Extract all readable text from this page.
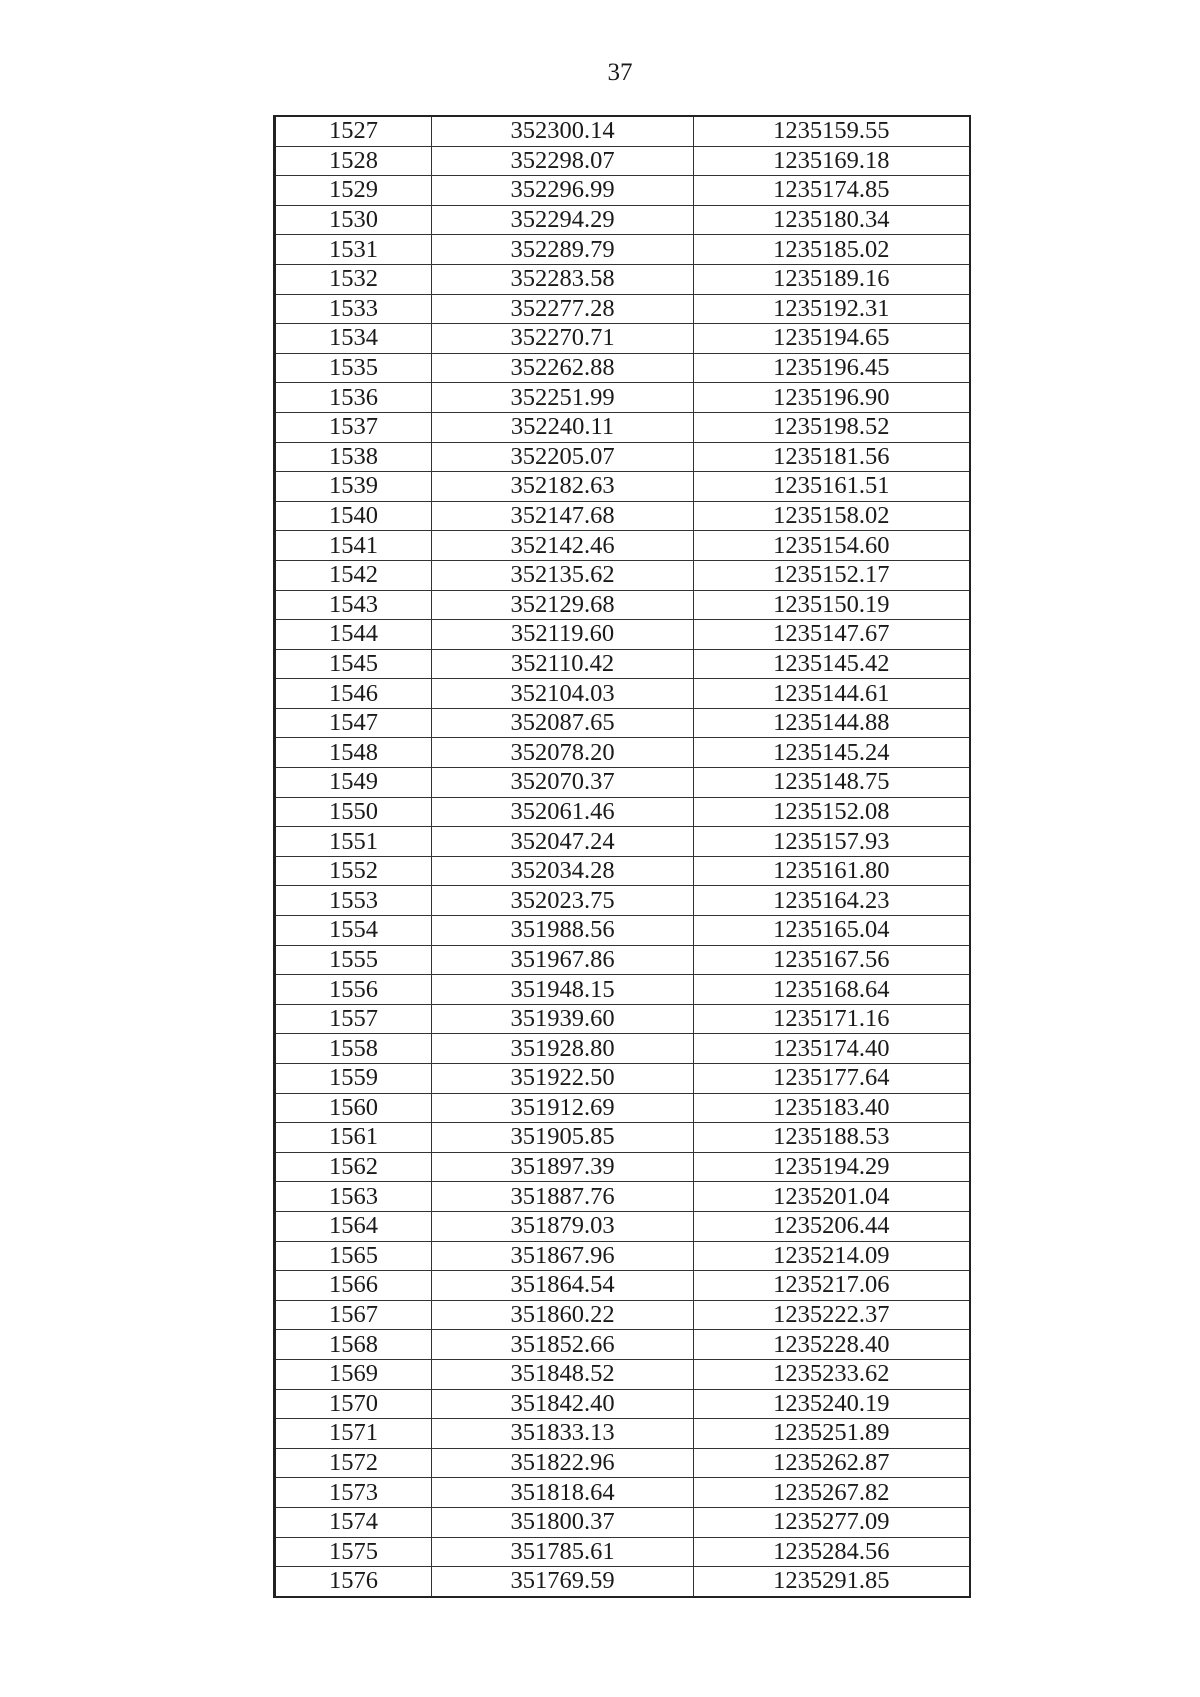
37
1527	352300.14	1235159.55
1528	352298.07	1235169.18
1529	352296.99	1235174.85
1530	352294.29	1235180.34
1531	352289.79	1235185.02
1532	352283.58	1235189.16
1533	352277.28	1235192.31
1534	352270.71	1235194.65
1535	352262.88	1235196.45
1536	352251.99	1235196.90
1537	352240.11	1235198.52
1538	352205.07	1235181.56
1539	352182.63	1235161.51
1540	352147.68	1235158.02
1541	352142.46	1235154.60
1542	352135.62	1235152.17
1543	352129.68	1235150.19
1544	352119.60	1235147.67
1545	352110.42	1235145.42
1546	352104.03	1235144.61
1547	352087.65	1235144.88
1548	352078.20	1235145.24
1549	352070.37	1235148.75
1550	352061.46	1235152.08
1551	352047.24	1235157.93
1552	352034.28	1235161.80
1553	352023.75	1235164.23
1554	351988.56	1235165.04
1555	351967.86	1235167.56
1556	351948.15	1235168.64
1557	351939.60	1235171.16
1558	351928.80	1235174.40
1559	351922.50	1235177.64
1560	351912.69	1235183.40
1561	351905.85	1235188.53
1562	351897.39	1235194.29
1563	351887.76	1235201.04
1564	351879.03	1235206.44
1565	351867.96	1235214.09
1566	351864.54	1235217.06
1567	351860.22	1235222.37
1568	351852.66	1235228.40
1569	351848.52	1235233.62
1570	351842.40	1235240.19
1571	351833.13	1235251.89
1572	351822.96	1235262.87
1573	351818.64	1235267.82
1574	351800.37	1235277.09
1575	351785.61	1235284.56
1576	351769.59	1235291.85
